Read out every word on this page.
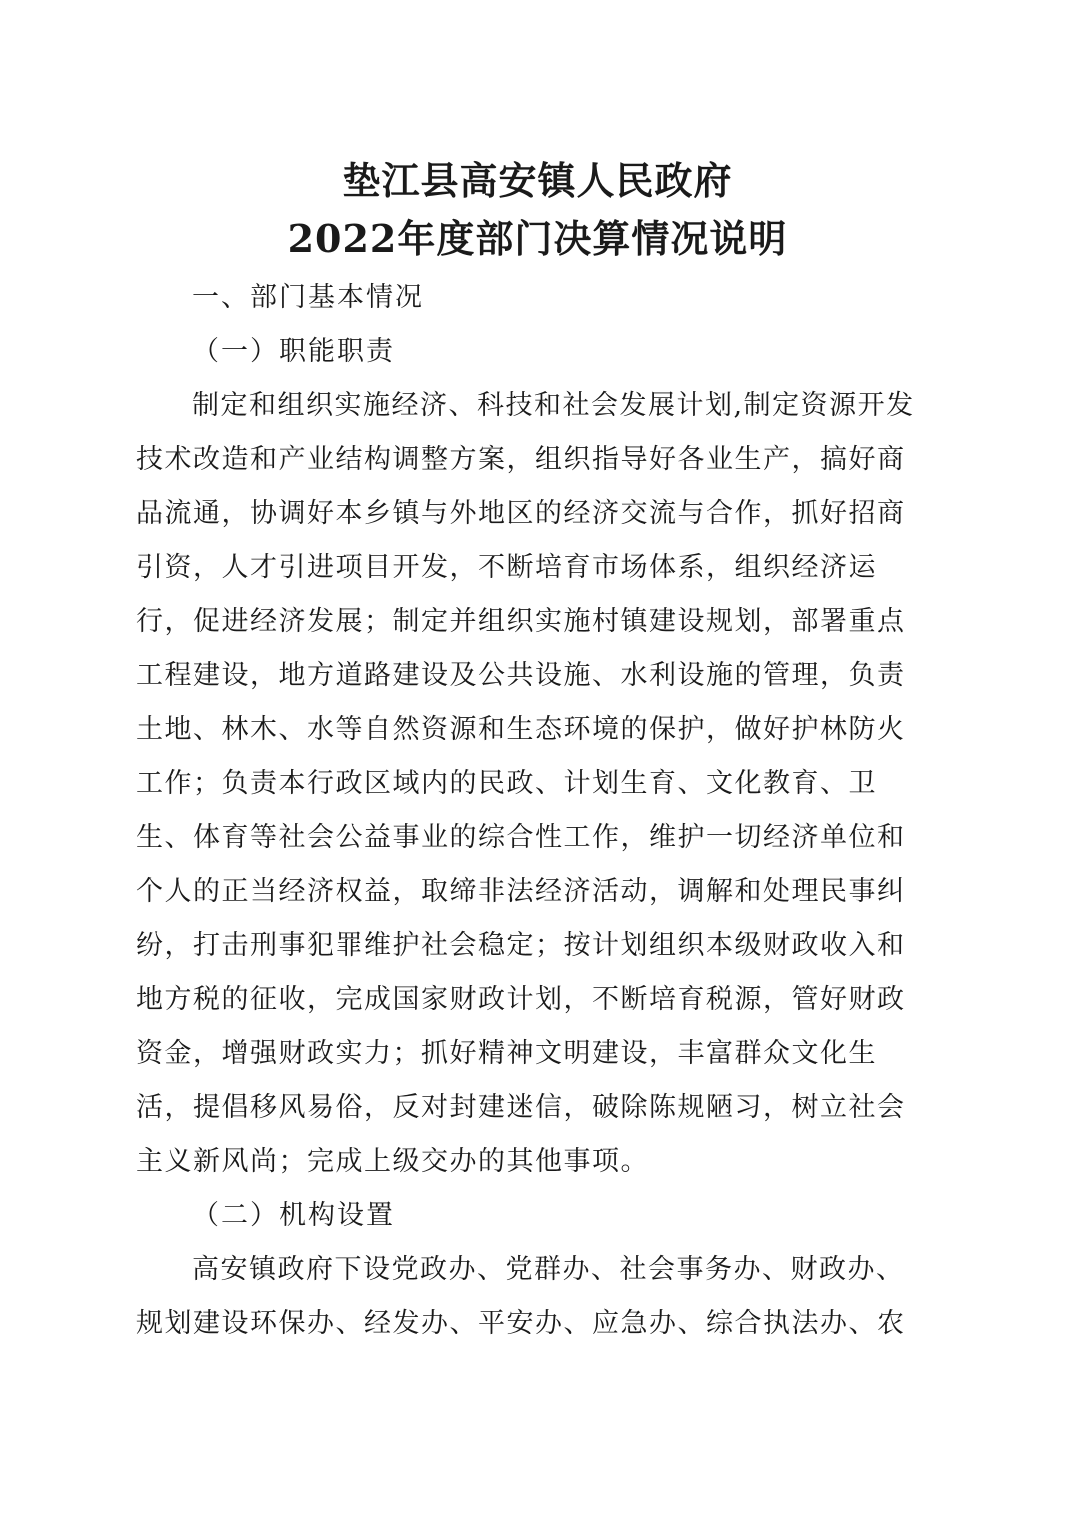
垫江县高安镇人民政府
2022年度部门决算情况说明
一、部门基本情况
（一）职能职责
制定和组织实施经济、科技和社会发展计划,制定资源开发
技术改造和产业结构调整方案，组织指导好各业生产，搞好商
品流通，协调好本乡镇与外地区的经济交流与合作，抓好招商
引资，人才引进项目开发，不断培育市场体系，组织经济运
行，促进经济发展；制定并组织实施村镇建设规划，部署重点
工程建设，地方道路建设及公共设施、水利设施的管理，负责
土地、林木、水等自然资源和生态环境的保护，做好护林防火
工作；负责本行政区域内的民政、计划生育、文化教育、卫
生、体育等社会公益事业的综合性工作，维护一切经济单位和
个人的正当经济权益，取缔非法经济活动，调解和处理民事纠
纷，打击刑事犯罪维护社会稳定；按计划组织本级财政收入和
地方税的征收，完成国家财政计划，不断培育税源，管好财政
资金，增强财政实力；抓好精神文明建设，丰富群众文化生
活，提倡移风易俗，反对封建迷信，破除陈规陋习，树立社会
主义新风尚；完成上级交办的其他事项。
（二）机构设置
高安镇政府下设党政办、党群办、社会事务办、财政办、
规划建设环保办、经发办、平安办、应急办、综合执法办、农
